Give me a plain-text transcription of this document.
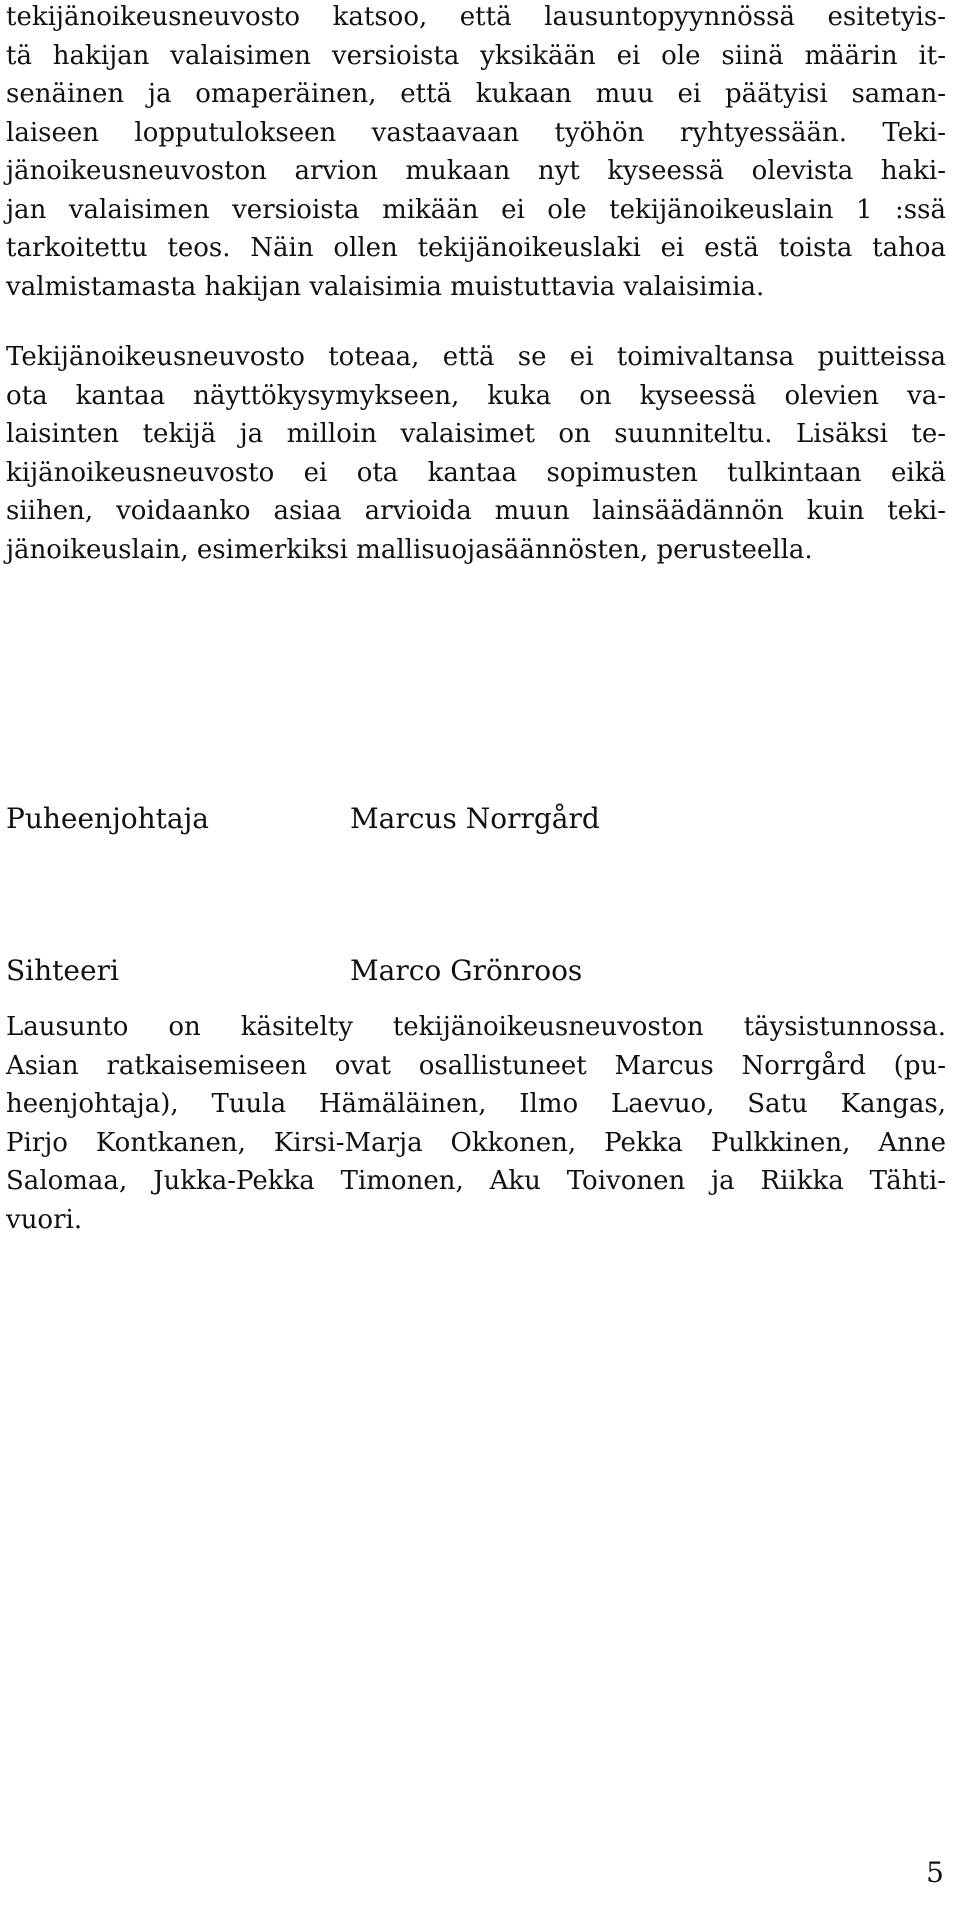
tekijänoikeusneuvosto katsoo, että lausuntopyynnössä esitetyis-
tä hakijan valaisimen versioista yksikään ei ole siinä määrin it-
senäinen ja omaperäinen, että kukaan muu ei päätyisi saman-
laiseen lopputulokseen vastaavaan työhön ryhtyessään. Teki-
jänoikeusneuvoston arvion mukaan nyt kyseessä olevista haki-
jan valaisimen versioista mikään ei ole tekijänoikeuslain 1 :ssä
tarkoitettu teos. Näin ollen tekijänoikeuslaki ei estä toista tahoa
valmistamasta hakijan valaisimia muistuttavia valaisimia.
Tekijänoikeusneuvosto toteaa, että se ei toimivaltansa puitteissa
ota kantaa näyttökysymykseen, kuka on kyseessä olevien va-
laisinten tekijä ja milloin valaisimet on suunniteltu. Lisäksi te-
kijänoikeusneuvosto ei ota kantaa sopimusten tulkintaan eikä
siihen, voidaanko asiaa arvioida muun lainsäädännön kuin teki-
jänoikeuslain, esimerkiksi mallisuojasäännösten, perusteella.
Puheenjohtaja	Marcus Norrgård
Sihteeri	Marco Grönroos
Lausunto on käsitelty tekijänoikeusneuvoston täysistunnossa.
Asian ratkaisemiseen ovat osallistuneet Marcus Norrgård (pu-
heenjohtaja), Tuula Hämäläinen, Ilmo Laevuo, Satu Kangas,
Pirjo Kontkanen, Kirsi-Marja Okkonen, Pekka Pulkkinen, Anne
Salomaa, Jukka-Pekka Timonen, Aku Toivonen ja Riikka Tähti-
vuori.
5
